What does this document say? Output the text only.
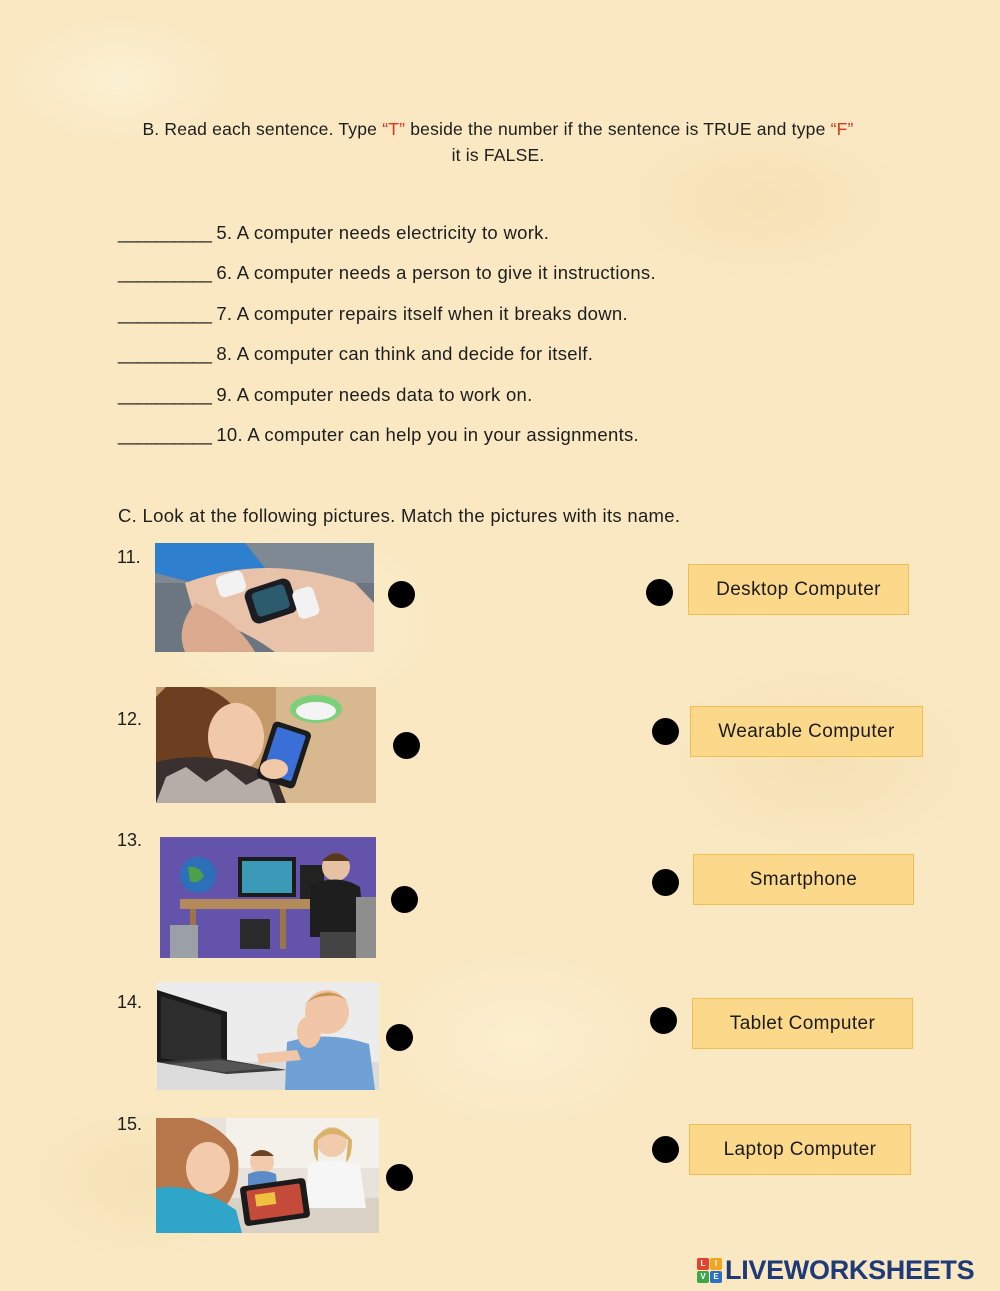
B. Read each sentence. Type “T” beside the number if the sentence is TRUE and type “F”
it is FALSE.
__________ 5. A computer needs electricity to work.
__________ 6. A computer needs a person to give it instructions.
__________ 7. A computer repairs itself when it breaks down.
__________ 8. A computer can think and decide for itself.
__________ 9. A computer needs data to work on.
__________ 10. A computer can help you in your assignments.
C. Look at the following pictures. Match the pictures with its name.
11.
12.
13.
14.
15.
Desktop Computer
Wearable Computer
Smartphone
Tablet Computer
Laptop Computer
L	I
V E LIVEWORKSHEETS
